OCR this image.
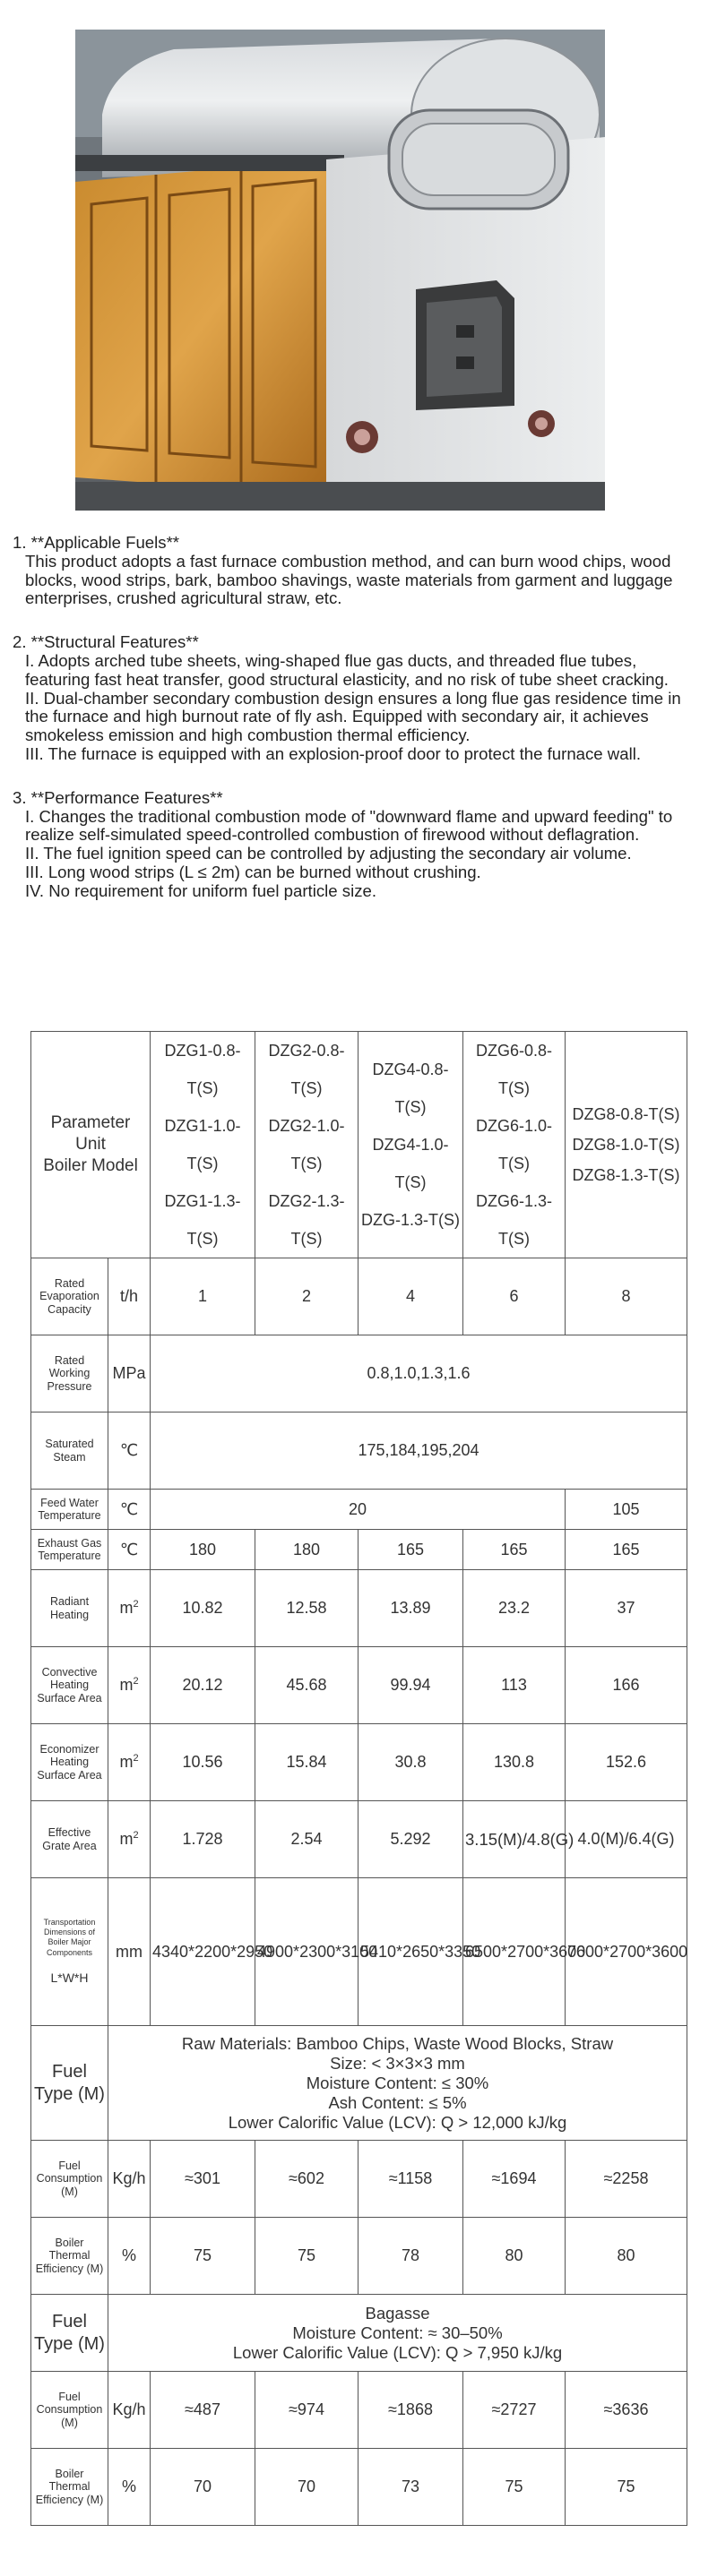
1. **Applicable Fuels**

This product adopts a fast furnace combustion method, and can burn wood chips, wood blocks, wood strips, bark, bamboo shavings, waste materials from garment and luggage enterprises, crushed agricultural straw, etc.

2. **Structural Features**

I. Adopts arched tube sheets, wing-shaped flue gas ducts, and threaded flue tubes, featuring fast heat transfer, good structural elasticity, and no risk of tube sheet cracking.

II. Dual-chamber secondary combustion design ensures a long flue gas residence time in the furnace and high burnout rate of fly ash. Equipped with secondary air, it achieves smokeless emission and high combustion thermal efficiency.

III. The furnace is equipped with an explosion-proof door to protect the furnace wall.

3. **Performance Features**

I. Changes the traditional combustion mode of "downward flame and upward feeding" to realize self-simulated speed-controlled combustion of firewood without deflagration.

II. The fuel ignition speed can be controlled by adjusting the secondary air volume.

III. Long wood strips (L ≤ 2m) can be burned without crushing.

IV. No requirement for uniform fuel particle size.

Parameter
Unit
Boiler Model		DZG1-0.8-T(S)
DZG1-1.0-T(S)
DZG1-1.3-T(S)	DZG2-0.8-T(S)
DZG2-1.0-T(S)
DZG2-1.3-T(S)	DZG4-0.8-T(S)
DZG4-1.0-T(S)
DZG-1.3-T(S)	DZG6-0.8-T(S)
DZG6-1.0-T(S)
DZG6-1.3-T(S)	DZG8-0.8-T(S)
DZG8-1.0-T(S)
DZG8-1.3-T(S)

Rated Evaporation Capacity	t/h	1	2	4	6	8
Rated Working Pressure	MPa	0.8,1.0,1.3,1.6				
Saturated Steam	℃	175,184,195,204				
Feed Water Temperature	℃	20				105
Exhaust Gas Temperature	℃	180	180	165	165	165
Radiant Heating	$m^2$	10.82	12.58	13.89	23.2	37
Convective Heating Surface Area	$m^2$	20.12	45.68	99.94	113	166
Economizer Heating Surface Area	$m^2$	10.56	15.84	30.8	130.8	152.6
Effective Grate Area	$m^2$	1.728	2.54	5.292	3.15(M)/4.8(G)	4.0(M)/6.4(G)
Transportation Dimensions of Boiler Major Components
L*W*H	mm	4340*2200*2950	4900*2300*3100	5410*2650*3350	6500*2700*3600	7600*2700*3600
Fuel Type (M)	Raw Materials: Bamboo Chips, Waste Wood Blocks, Straw
Size: < 3×3×3 mm
Moisture Content: ≤ 30%
Ash Content: ≤ 5%
Lower Calorific Value (LCV): Q > 12,000 kJ/kg					

Fuel Consumption (M)	Kg/h	≈301	≈602	≈1158	≈1694	≈2258
Boiler Thermal Efficiency (M)	%	75	75	78	80	80
Fuel Type (M)	Bagasse
Moisture Content: ≈ 30–50%
Lower Calorific Value (LCV): Q > 7,950 kJ/kg					

Fuel Consumption (M)	Kg/h	≈487	≈974	≈1868	≈2727	≈3636
Boiler Thermal Efficiency (M)	%	70	70	73	75	75
